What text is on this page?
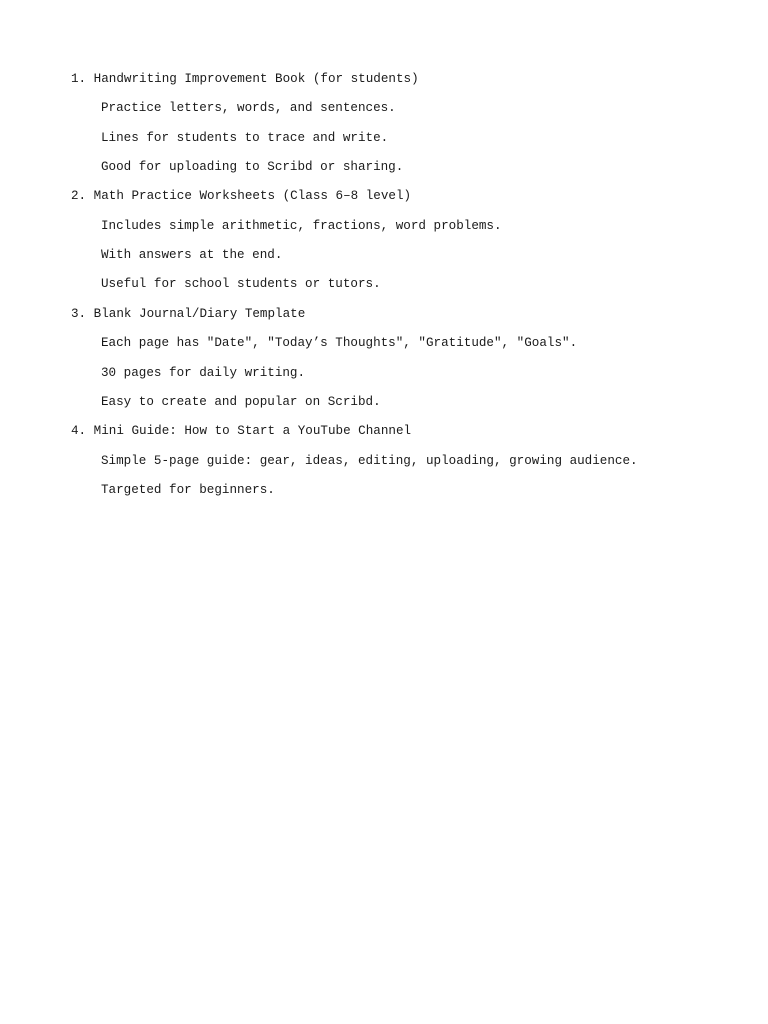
1. Handwriting Improvement Book (for students)
Practice letters, words, and sentences.
Lines for students to trace and write.
Good for uploading to Scribd or sharing.
2. Math Practice Worksheets (Class 6–8 level)
Includes simple arithmetic, fractions, word problems.
With answers at the end.
Useful for school students or tutors.
3. Blank Journal/Diary Template
Each page has "Date", "Today’s Thoughts", "Gratitude", "Goals".
30 pages for daily writing.
Easy to create and popular on Scribd.
4. Mini Guide: How to Start a YouTube Channel
Simple 5-page guide: gear, ideas, editing, uploading, growing audience.
Targeted for beginners.
